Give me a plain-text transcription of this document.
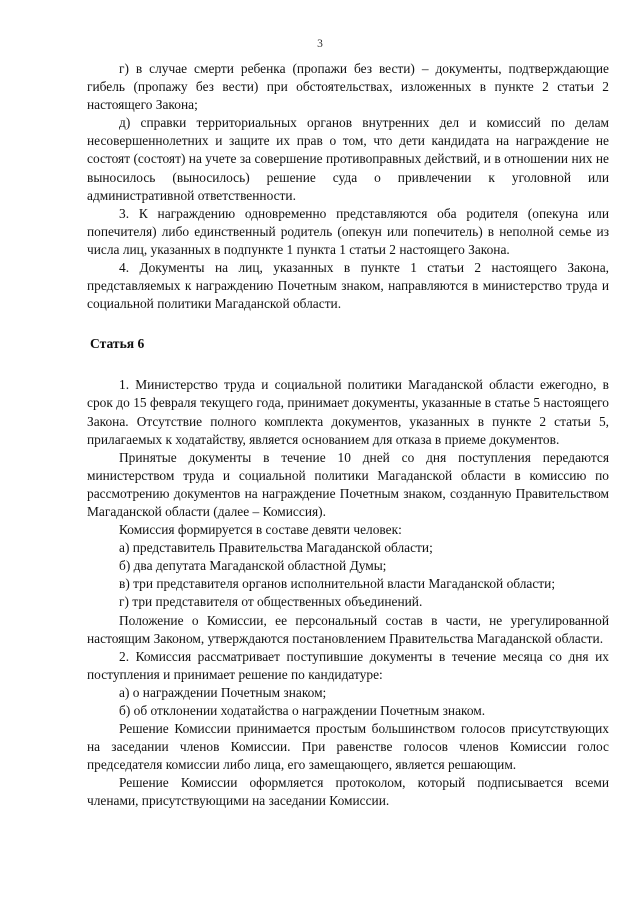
3

г) в случае смерти ребенка (пропажи без вести) – документы, подтверждающие гибель (пропажу без вести) при обстоятельствах, изложенных в пункте 2 статьи 2 настоящего Закона;

д) справки территориальных органов внутренних дел и комиссий по делам несовершеннолетних и защите их прав о том, что дети кандидата на награждение не состоят (состоят) на учете за совершение противоправных действий, и в отношении них не выносилось (выносилось) решение суда о привлечении к уголовной или административной ответственности.

3. К награждению одновременно представляются оба родителя (опекуна или попечителя) либо единственный родитель (опекун или попечитель) в неполной семье из числа лиц, указанных в подпункте 1 пункта 1 статьи 2 настоящего Закона.

4. Документы на лиц, указанных в пункте 1 статьи 2 настоящего Закона, представляемых к награждению Почетным знаком, направляются в министерство труда и социальной политики Магаданской области.

Статья 6

1. Министерство труда и социальной политики Магаданской области ежегодно, в срок до 15 февраля текущего года, принимает документы, указанные в статье 5 настоящего Закона. Отсутствие полного комплекта документов, указанных в пункте 2 статьи 5, прилагаемых к ходатайству, является основанием для отказа в приеме документов.

Принятые документы в течение 10 дней со дня поступления передаются министерством труда и социальной политики Магаданской области в комиссию по рассмотрению документов на награждение Почетным знаком, созданную Правительством Магаданской области (далее – Комиссия).

Комиссия формируется в составе девяти человек:

а) представитель Правительства Магаданской области;

б) два депутата Магаданской областной Думы;

в) три представителя органов исполнительной власти Магаданской области;

г) три представителя от общественных объединений.

Положение о Комиссии, ее персональный состав в части, не урегулированной настоящим Законом, утверждаются постановлением Правительства Магаданской области.

2. Комиссия рассматривает поступившие документы в течение месяца со дня их поступления и принимает решение по кандидатуре:

а) о награждении Почетным знаком;

б) об отклонении ходатайства о награждении Почетным знаком.

Решение Комиссии принимается простым большинством голосов присутствующих на заседании членов Комиссии. При равенстве голосов членов Комиссии голос председателя комиссии либо лица, его замещающего, является решающим.

Решение Комиссии оформляется протоколом, который подписывается всеми членами, присутствующими на заседании Комиссии.
